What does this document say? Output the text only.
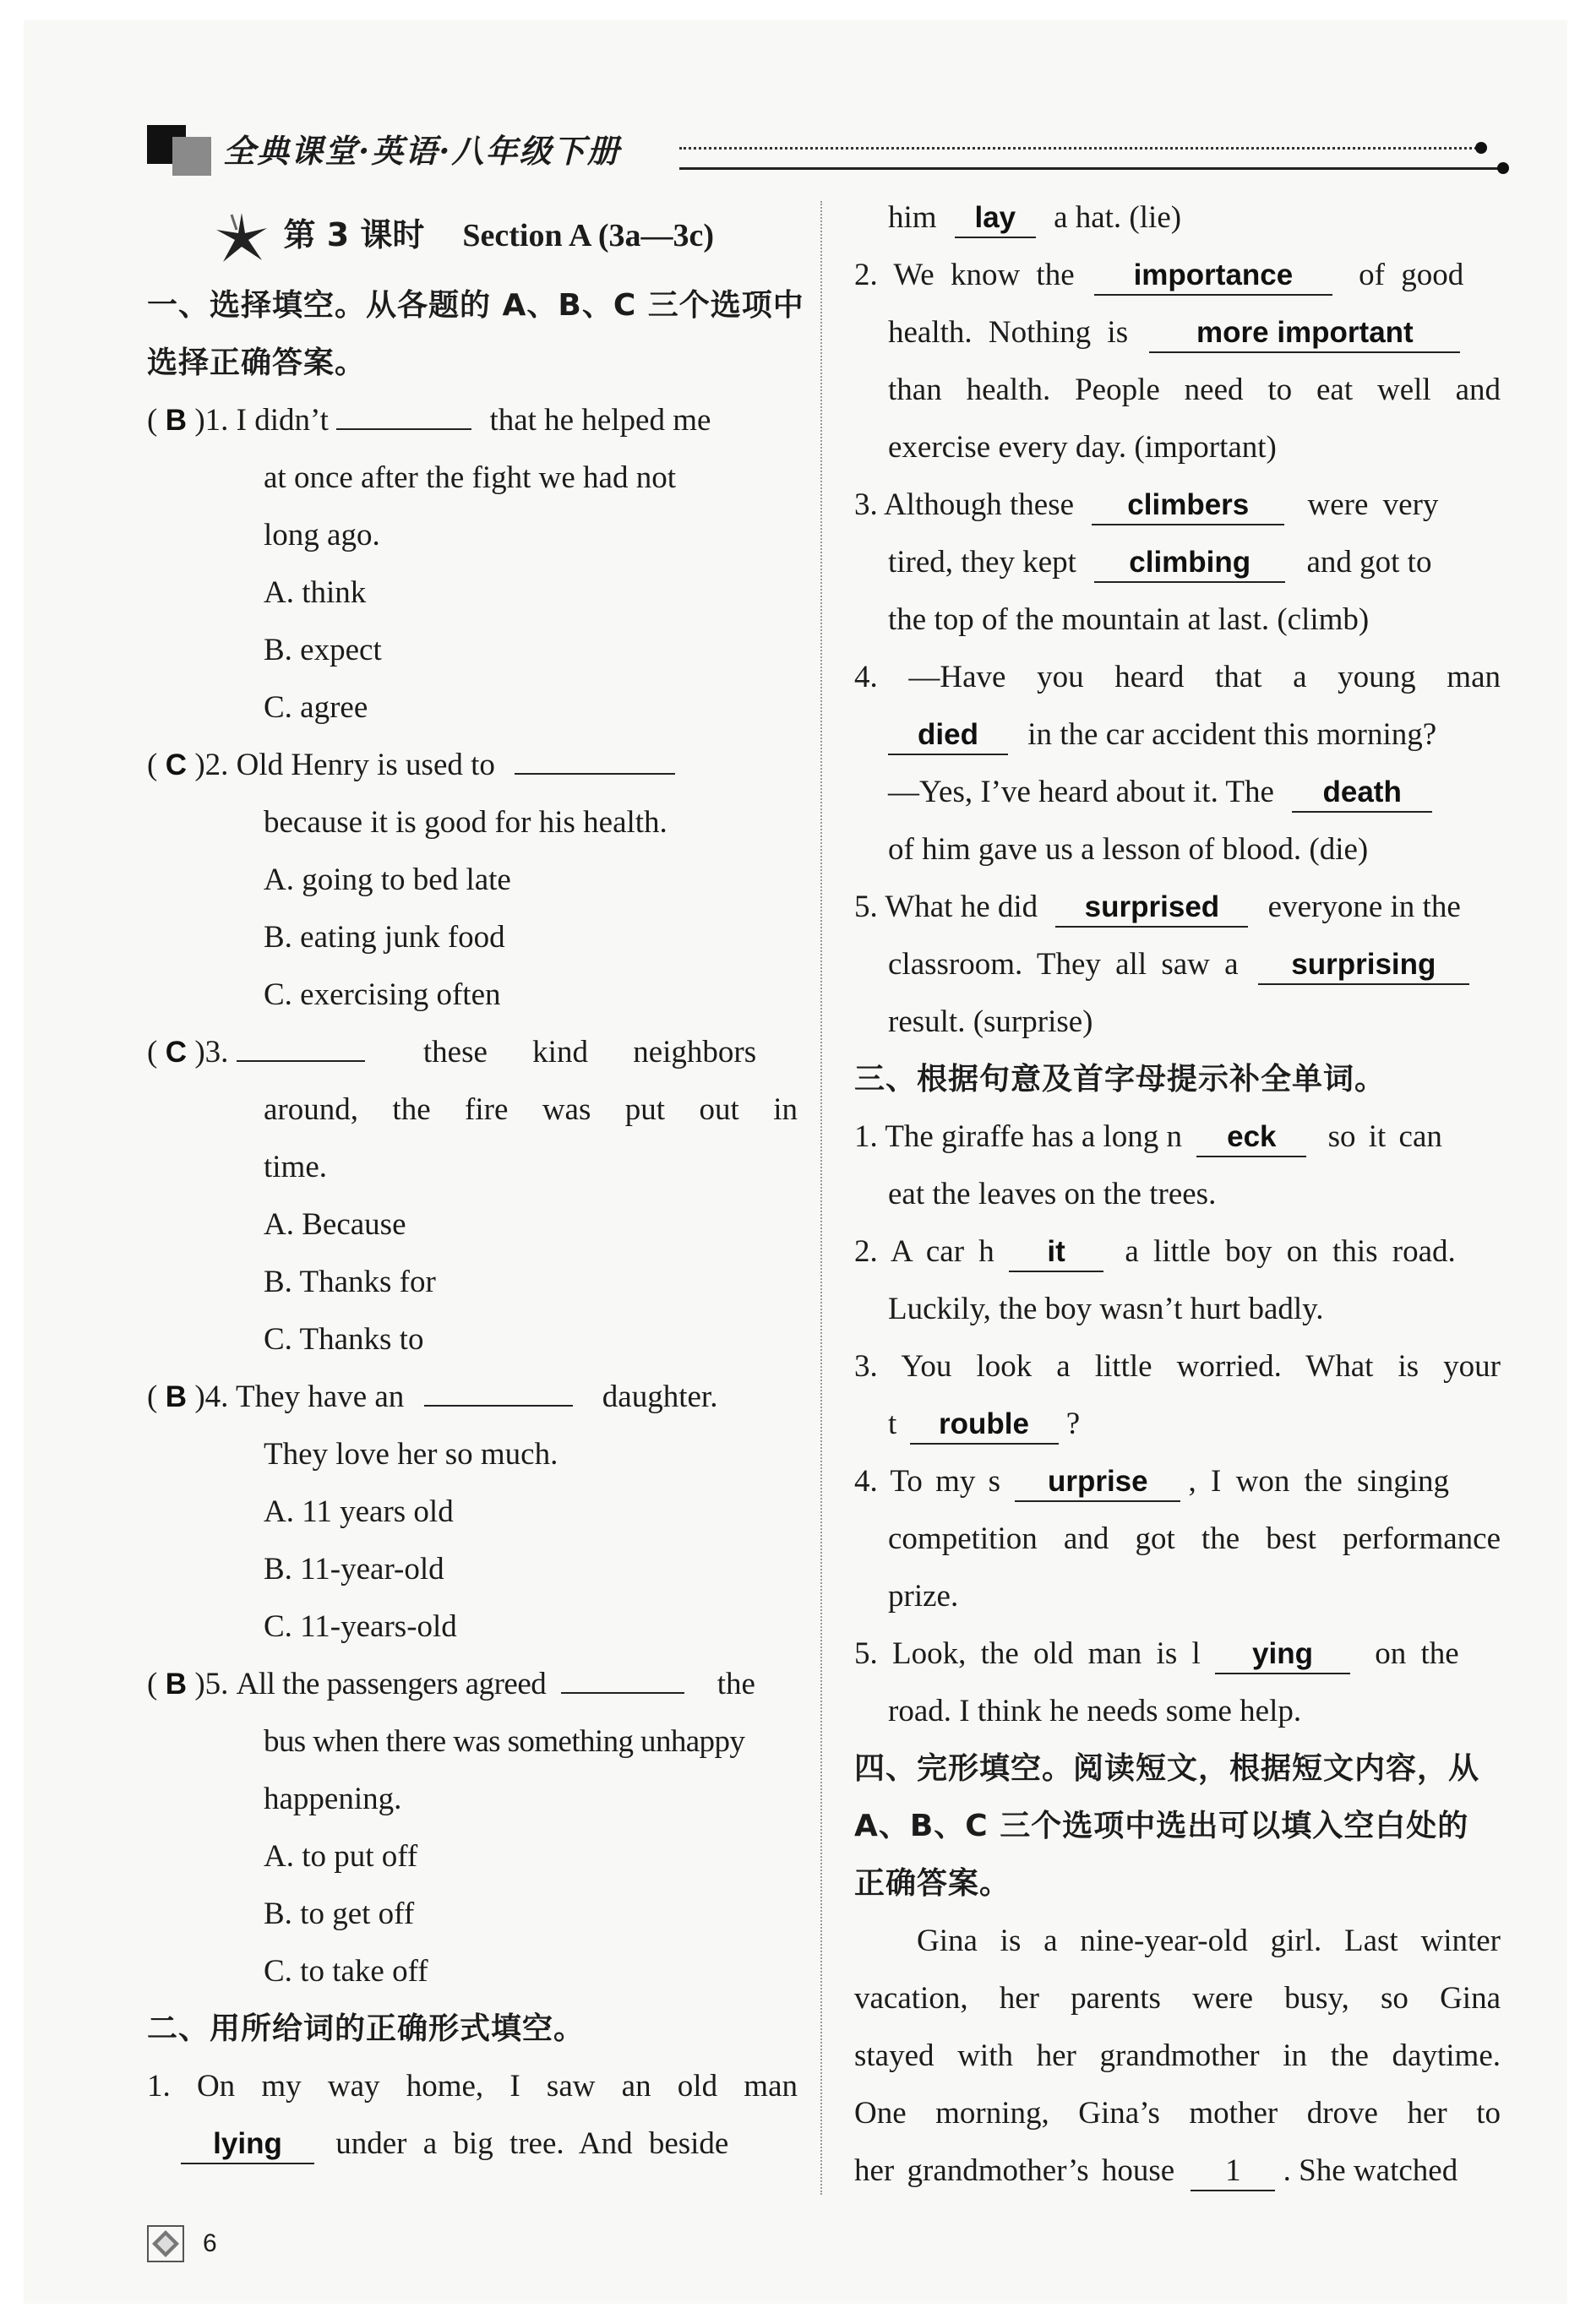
全典课堂·英语·八年级下册
第 3 课时 Section A (3a—3c)
一、选择填空。从各题的 A、B、C 三个选项中
选择正确答案。
( B )1. I didn’t	that he helped me
at once after the fight we had not
long ago.
A. think
B. expect
C. agree
( C )2. Old Henry is used to
because it is good for his health.
A. going to bed late
B. eating junk food
C. exercising often
( C )3.	these kind neighbors
around, the fire was put out in
time.
A. Because
B. Thanks for
C. Thanks to
( B )4. They have an	daughter.
They love her so much.
A. 11 years old
B. 11-year-old
C. 11-years-old
( B )5. All the passengers agreed	the
bus when there was something unhappy
happening.
A. to put off
B. to get off
C. to take off
二、用所给词的正确形式填空。
1. On my way home, I saw an old man
lying under a big tree. And beside
him lay a hat. (lie)
2. We know the importance of good
health. Nothing is more important
than health. People need to eat well and
exercise every day. (important)
3. Although these climbers were very
tired, they kept climbing and got to
the top of the mountain at last. (climb)
4. —Have you heard that a young man
died in the car accident this morning?
—Yes, I’ve heard about it. The death
of him gave us a lesson of blood. (die)
5. What he did surprised everyone in the
classroom. They all saw a surprising
result. (surprise)
三、根据句意及首字母提示补全单词。
1. The giraffe has a long n eck so it can
eat the leaves on the trees.
2. A car h it a little boy on this road.
Luckily, the boy wasn’t hurt badly.
3. You look a little worried. What is your
t rouble ?
4. To my s urprise , I won the singing
competition and got the best performance
prize.
5. Look, the old man is l ying on the
road. I think he needs some help.
四、完形填空。阅读短文，根据短文内容，从
A、B、C 三个选项中选出可以填入空白处的
正确答案。
Gina is a nine-year-old girl. Last winter
vacation, her parents were busy, so Gina
stayed with her grandmother in the daytime.
One morning, Gina’s mother drove her to
her grandmother’s house 1 . She watched
6
